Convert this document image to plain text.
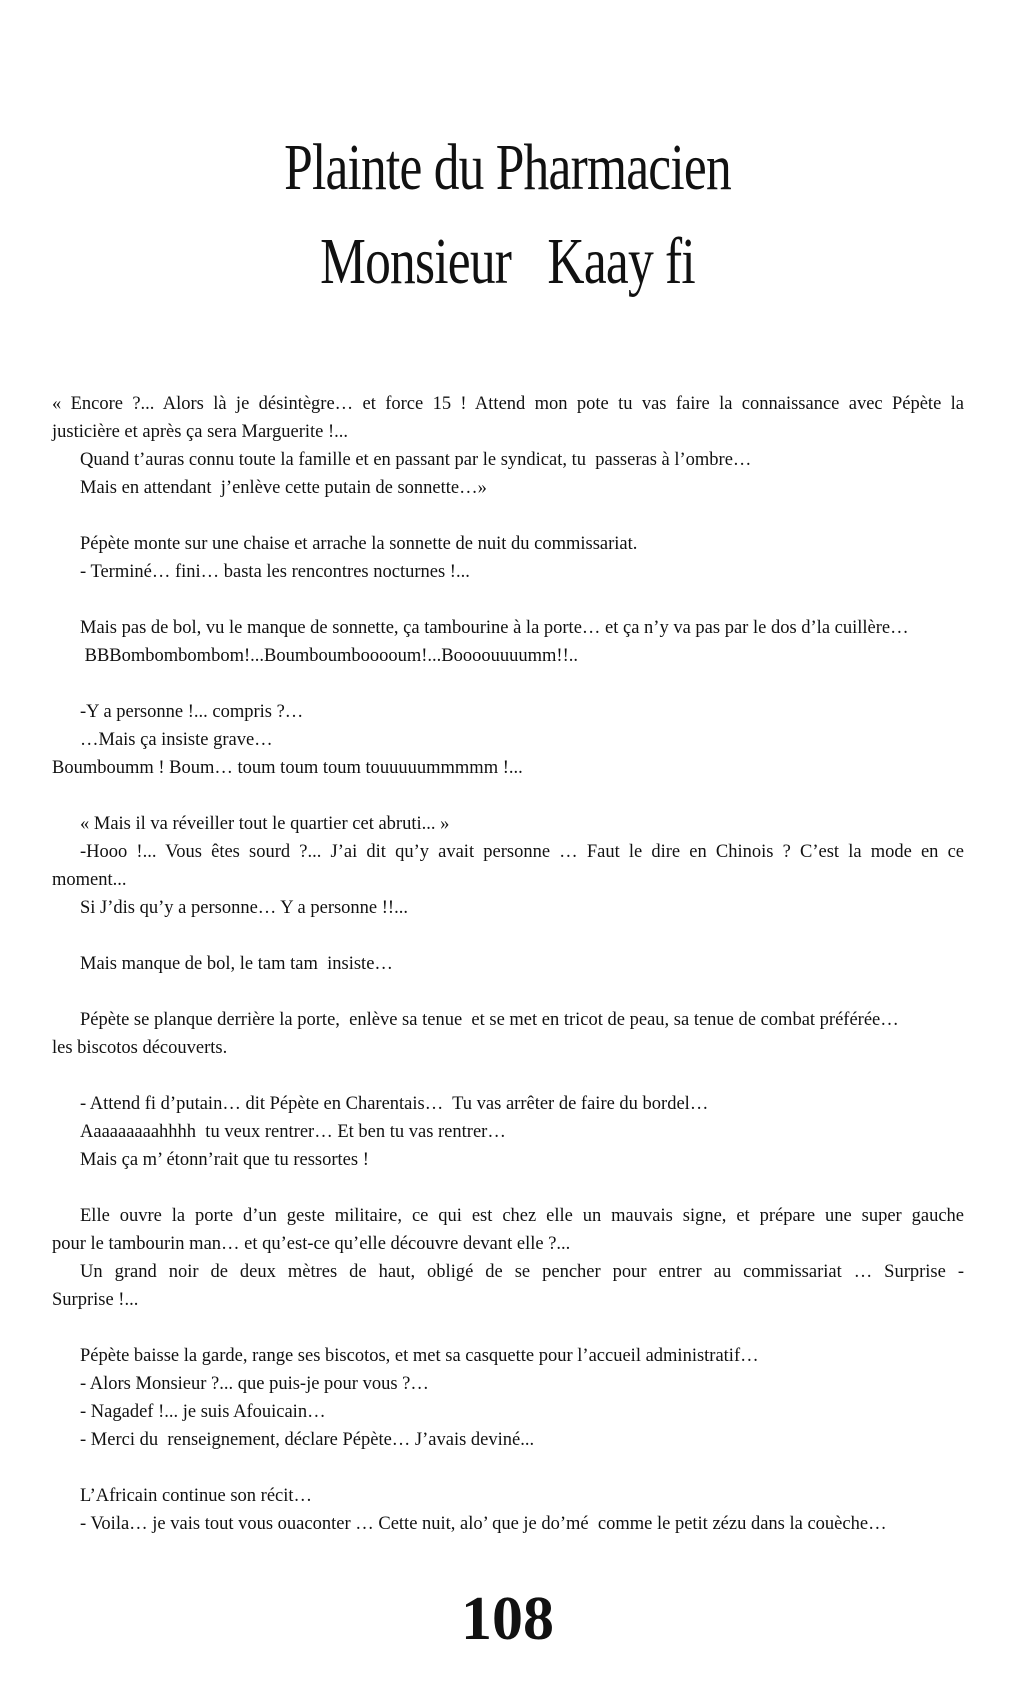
Plainte du Pharmacien
Monsieur   Kaay fi
« Encore ?... Alors là je désintègre… et force 15 ! Attend mon pote tu vas faire la connaissance avec Pépète la
justicière et après ça sera Marguerite !...
Quand t’auras connu toute la famille et en passant par le syndicat, tu  passeras à l’ombre…
Mais en attendant  j’enlève cette putain de sonnette…»
Pépète monte sur une chaise et arrache la sonnette de nuit du commissariat.
- Terminé… fini… basta les rencontres nocturnes !...
Mais pas de bol, vu le manque de sonnette, ça tambourine à la porte… et ça n’y va pas par le dos d’la cuillère…
BBBombombombom!...Boumboumbooooum!...Boooouuuumm!!..
-Y a personne !... compris ?…
…Mais ça insiste grave…
Boumboumm ! Boum… toum toum toum touuuuummmmm !...
« Mais il va réveiller tout le quartier cet abruti... »
-Hooo !... Vous êtes sourd ?... J’ai dit qu’y avait personne … Faut le dire en Chinois ? C’est la mode en ce
moment...
Si J’dis qu’y a personne… Y a personne !!...
Mais manque de bol, le tam tam  insiste…
Pépète se planque derrière la porte,  enlève sa tenue  et se met en tricot de peau, sa tenue de combat préférée…
les biscotos découverts.
- Attend fi d’putain… dit Pépète en Charentais…  Tu vas arrêter de faire du bordel…
Aaaaaaaaahhhh  tu veux rentrer… Et ben tu vas rentrer…
Mais ça m’ étonn’rait que tu ressortes !
Elle ouvre la porte d’un geste militaire, ce qui est chez elle un mauvais signe, et prépare une super gauche
pour le tambourin man… et qu’est-ce qu’elle découvre devant elle ?...
Un grand noir de deux mètres de haut, obligé de se pencher pour entrer au commissariat … Surprise -
Surprise !...
Pépète baisse la garde, range ses biscotos, et met sa casquette pour l’accueil administratif…
- Alors Monsieur ?... que puis-je pour vous ?…
- Nagadef !... je suis Afouicain…
- Merci du  renseignement, déclare Pépète… J’avais deviné...
L’Africain continue son récit…
- Voila… je vais tout vous ouaconter … Cette nuit, alo’ que je do’mé  comme le petit zézu dans la couèche…
108
